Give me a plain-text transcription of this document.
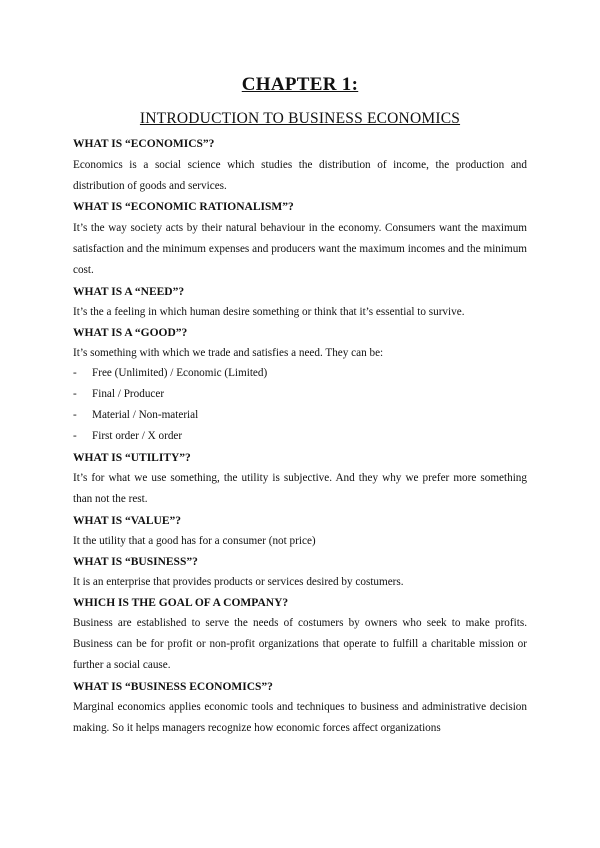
CHAPTER 1:
INTRODUCTION TO BUSINESS ECONOMICS
WHAT IS “ECONOMICS”?
Economics is a social science which studies the distribution of income, the production and distribution of goods and services.
WHAT IS “ECONOMIC RATIONALISM”?
It’s the way society acts by their natural behaviour in the economy. Consumers want the maximum satisfaction and the minimum expenses and producers want the maximum incomes and the minimum cost.
WHAT IS A “NEED”?
It’s the a feeling in which human desire something or think that it’s essential to survive.
WHAT IS A “GOOD”?
It’s something with which we trade and satisfies a need. They can be:
- Free (Unlimited) / Economic (Limited)
- Final / Producer
- Material / Non-material
- First order / X order
WHAT IS “UTILITY”?
It’s for what we use something, the utility is subjective. And they why we prefer more something than not the rest.
WHAT IS “VALUE”?
It the utility that a good has for a consumer (not price)
WHAT IS “BUSINESS”?
It is an enterprise that provides products or services desired by costumers.
WHICH IS THE GOAL OF A COMPANY?
Business are established to serve the needs of costumers by owners who seek to make profits. Business can be for profit or non-profit organizations that operate to fulfill a charitable mission or further a social cause.
WHAT IS “BUSINESS ECONOMICS”?
Marginal economics applies economic tools and techniques to business and administrative decision making. So it helps managers recognize how economic forces affect organizations
